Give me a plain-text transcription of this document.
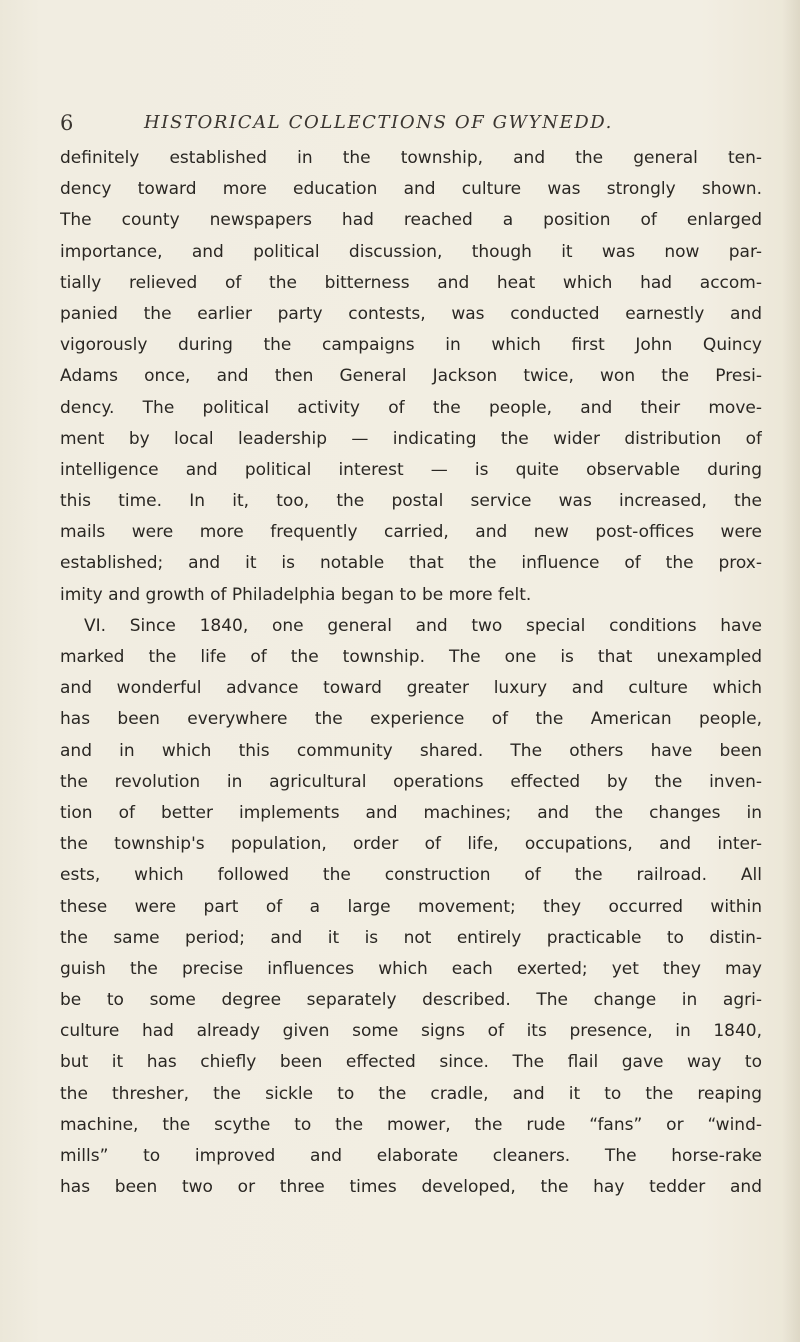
6	HISTORICAL COLLECTIONS OF GWYNEDD.
definitely established in the township, and the general ten-
dency toward more education and culture was strongly shown.
The county newspapers had reached a position of enlarged
importance, and political discussion, though it was now par-
tially relieved of the bitterness and heat which had accom-
panied the earlier party contests, was conducted earnestly and
vigorously during the campaigns in which first John Quincy
Adams once, and then General Jackson twice, won the Presi-
dency. The political activity of the people, and their move-
ment by local leadership — indicating the wider distribution of
intelligence and political interest — is quite observable during
this time. In it, too, the postal service was increased, the
mails were more frequently carried, and new post-offices were
established; and it is notable that the influence of the prox-
imity and growth of Philadelphia began to be more felt.
VI. Since 1840, one general and two special conditions have
marked the life of the township. The one is that unexampled
and wonderful advance toward greater luxury and culture which
has been everywhere the experience of the American people,
and in which this community shared. The others have been
the revolution in agricultural operations effected by the inven-
tion of better implements and machines; and the changes in
the township's population, order of life, occupations, and inter-
ests, which followed the construction of the railroad. All
these were part of a large movement; they occurred within
the same period; and it is not entirely practicable to distin-
guish the precise influences which each exerted; yet they may
be to some degree separately described. The change in agri-
culture had already given some signs of its presence, in 1840,
but it has chiefly been effected since. The flail gave way to
the thresher, the sickle to the cradle, and it to the reaping
machine, the scythe to the mower, the rude “fans” or “wind-
mills” to improved and elaborate cleaners. The horse-rake
has been two or three times developed, the hay tedder and
